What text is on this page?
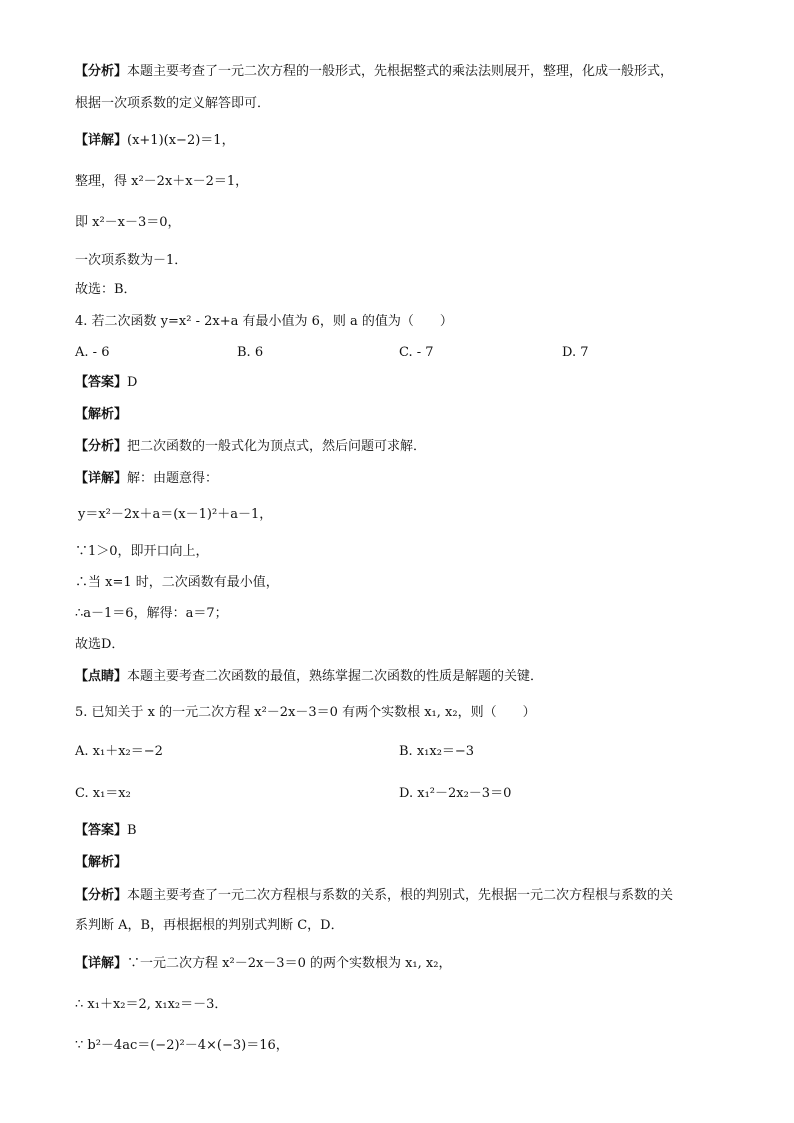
【分析】本题主要考查了一元二次方程的一般形式，先根据整式的乘法法则展开，整理，化成一般形式，
根据一次项系数的定义解答即可．
【详解】(x+1)(x−2)＝1，
整理，得 x²－2x＋x－2＝1，
即 x²－x－3＝0，
一次项系数为－1．
故选：B．
4. 若二次函数 y=x² - 2x+a 有最小值为 6，则 a 的值为（　　）
A. - 6	B. 6	C. - 7	D. 7
【答案】D
【解析】
【分析】把二次函数的一般式化为顶点式，然后问题可求解．
【详解】解：由题意得：
y＝x²－2x＋a＝(x－1)²＋a－1，
∵1＞0，即开口向上，
∴当 x=1 时，二次函数有最小值，
∴a－1＝6，解得：a＝7；
故选D．
【点睛】本题主要考查二次函数的最值，熟练掌握二次函数的性质是解题的关键．
5. 已知关于 x 的一元二次方程 x²－2x－3＝0 有两个实数根 x₁, x₂，则（　　）
A. x₁＋x₂＝−2	B. x₁x₂＝−3
C. x₁＝x₂	D. x₁²－2x₂－3＝0
【答案】B
【解析】
【分析】本题主要考查了一元二次方程根与系数的关系，根的判别式，先根据一元二次方程根与系数的关
系判断 A，B，再根据根的判别式判断 C，D．
【详解】∵一元二次方程 x²－2x－3＝0 的两个实数根为 x₁, x₂，
∴ x₁＋x₂＝2, x₁x₂＝－3．
∵ b²－4ac＝(−2)²－4×(−3)＝16，
